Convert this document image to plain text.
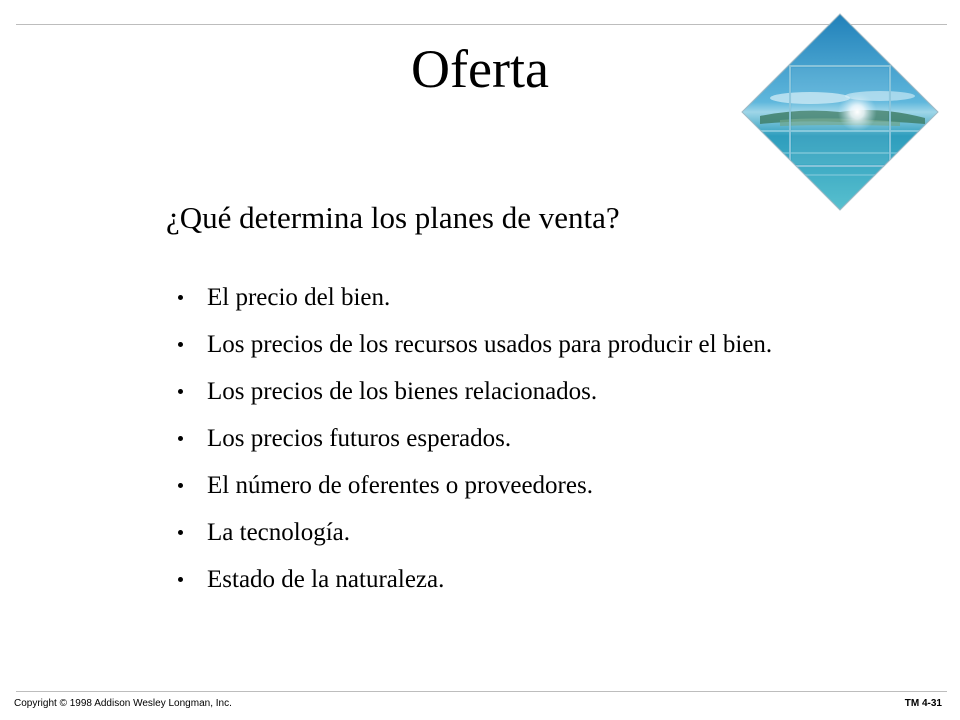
Oferta
¿Qué determina los planes de venta?
El precio del bien.
Los precios de los recursos usados para producir el bien.
Los precios de los bienes relacionados.
Los precios futuros esperados.
El número de oferentes o proveedores.
La tecnología.
Estado de la naturaleza.
Copyright © 1998 Addison Wesley Longman, Inc.	TM 4-31
